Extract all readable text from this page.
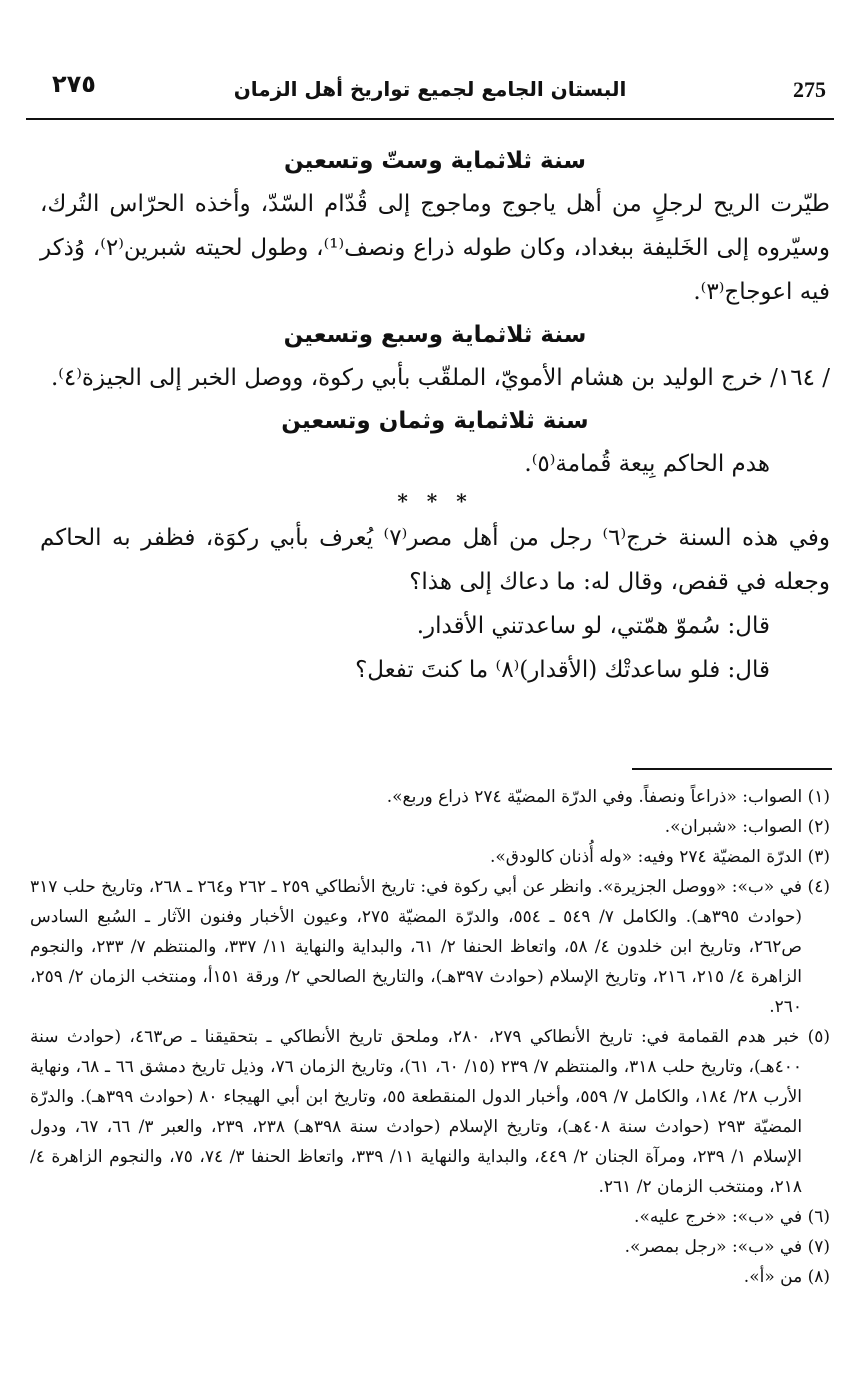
٢٧٥	البستان الجامع لجميع تواريخ أهل الزمان	275
سنة ثلاثماية وستّ وتسعين

طيّرت الريح لرجلٍ من أهل ياجوج وماجوج إلى قُدّام السّدّ، وأخذه الحرّاس التُرك، وسيّروه إلى الخَليفة ببغداد، وكان طوله ذراع ونصف⁽¹⁾، وطول لحيته شبرين⁽٢⁾، وُذكر فيه اعوجاج⁽٣⁾.

سنة ثلاثماية وسبع وتسعين

/ ١٦٤/ خرج الوليد بن هشام الأمويّ، الملقّب بأبي ركوة، ووصل الخبر إلى الجيزة⁽٤⁾.

سنة ثلاثماية وثمان وتسعين

هدم الحاكم بِيعة قُمامة⁽٥⁾.

* * *

وفي هذه السنة خرج⁽٦⁾ رجل من أهل مصر⁽٧⁾ يُعرف بأبي ركوَة، فظفر به الحاكم وجعله في قفص، وقال له: ما دعاك إلى هذا؟

قال: سُموّ همّتي، لو ساعدتني الأقدار.

قال: فلو ساعدتْك (الأقدار)⁽٨⁾ ما كنتَ تفعل؟

(١) الصواب: «ذراعاً ونصفاً. وفي الدرّة المضيّة ٢٧٤ ذراع وربع».

(٢) الصواب: «شبران».

(٣) الدرّة المضيّة ٢٧٤ وفيه: «وله أُذنان كالودق».

(٤) في «ب»: «ووصل الجزيرة». وانظر عن أبي ركوة في: تاريخ الأنطاكي ٢٥٩ ـ ٢٦٢ و٢٦٤ ـ ٢٦٨، وتاريخ حلب ٣١٧ (حوادث ٣٩٥هـ). والكامل ٧/ ٥٤٩ ـ ٥٥٤، والدرّة المضيّة ٢٧٥، وعيون الأخبار وفنون الآثار ـ السُبع السادس ص٢٦٢، وتاريخ ابن خلدون ٤/ ٥٨، واتعاظ الحنفا ٢/ ٦١، والبداية والنهاية ١١/ ٣٣٧، والمنتظم ٧/ ٢٣٣، والنجوم الزاهرة ٤/ ٢١٥، ٢١٦، وتاريخ الإسلام (حوادث ٣٩٧هـ)، والتاريخ الصالحي ٢/ ورقة ١٥١أ، ومنتخب الزمان ٢/ ٢٥٩، ٢٦٠.

(٥) خبر هدم القمامة في: تاريخ الأنطاكي ٢٧٩، ٢٨٠، وملحق تاريخ الأنطاكي ـ بتحقيقنا ـ ص٤٦٣، (حوادث سنة ٤٠٠هـ)، وتاريخ حلب ٣١٨، والمنتظم ٧/ ٢٣٩ (١٥/ ٦٠، ٦١)، وتاريخ الزمان ٧٦، وذيل تاريخ دمشق ٦٦ ـ ٦٨، ونهاية الأرب ٢٨/ ١٨٤، والكامل ٧/ ٥٥٩، وأخبار الدول المنقطعة ٥٥، وتاريخ ابن أبي الهيجاء ٨٠ (حوادث ٣٩٩هـ). والدرّة المضيّة ٢٩٣ (حوادث سنة ٤٠٨هـ)، وتاريخ الإسلام (حوادث سنة ٣٩٨هـ) ٢٣٨، ٢٣٩، والعبر ٣/ ٦٦، ٦٧، ودول الإسلام ١/ ٢٣٩، ومرآة الجنان ٢/ ٤٤٩، والبداية والنهاية ١١/ ٣٣٩، واتعاظ الحنفا ٣/ ٧٤، ٧٥، والنجوم الزاهرة ٤/ ٢١٨، ومنتخب الزمان ٢/ ٢٦١.

(٦) في «ب»: «خرج عليه».

(٧) في «ب»: «رجل بمصر».

(٨) من «أ».
